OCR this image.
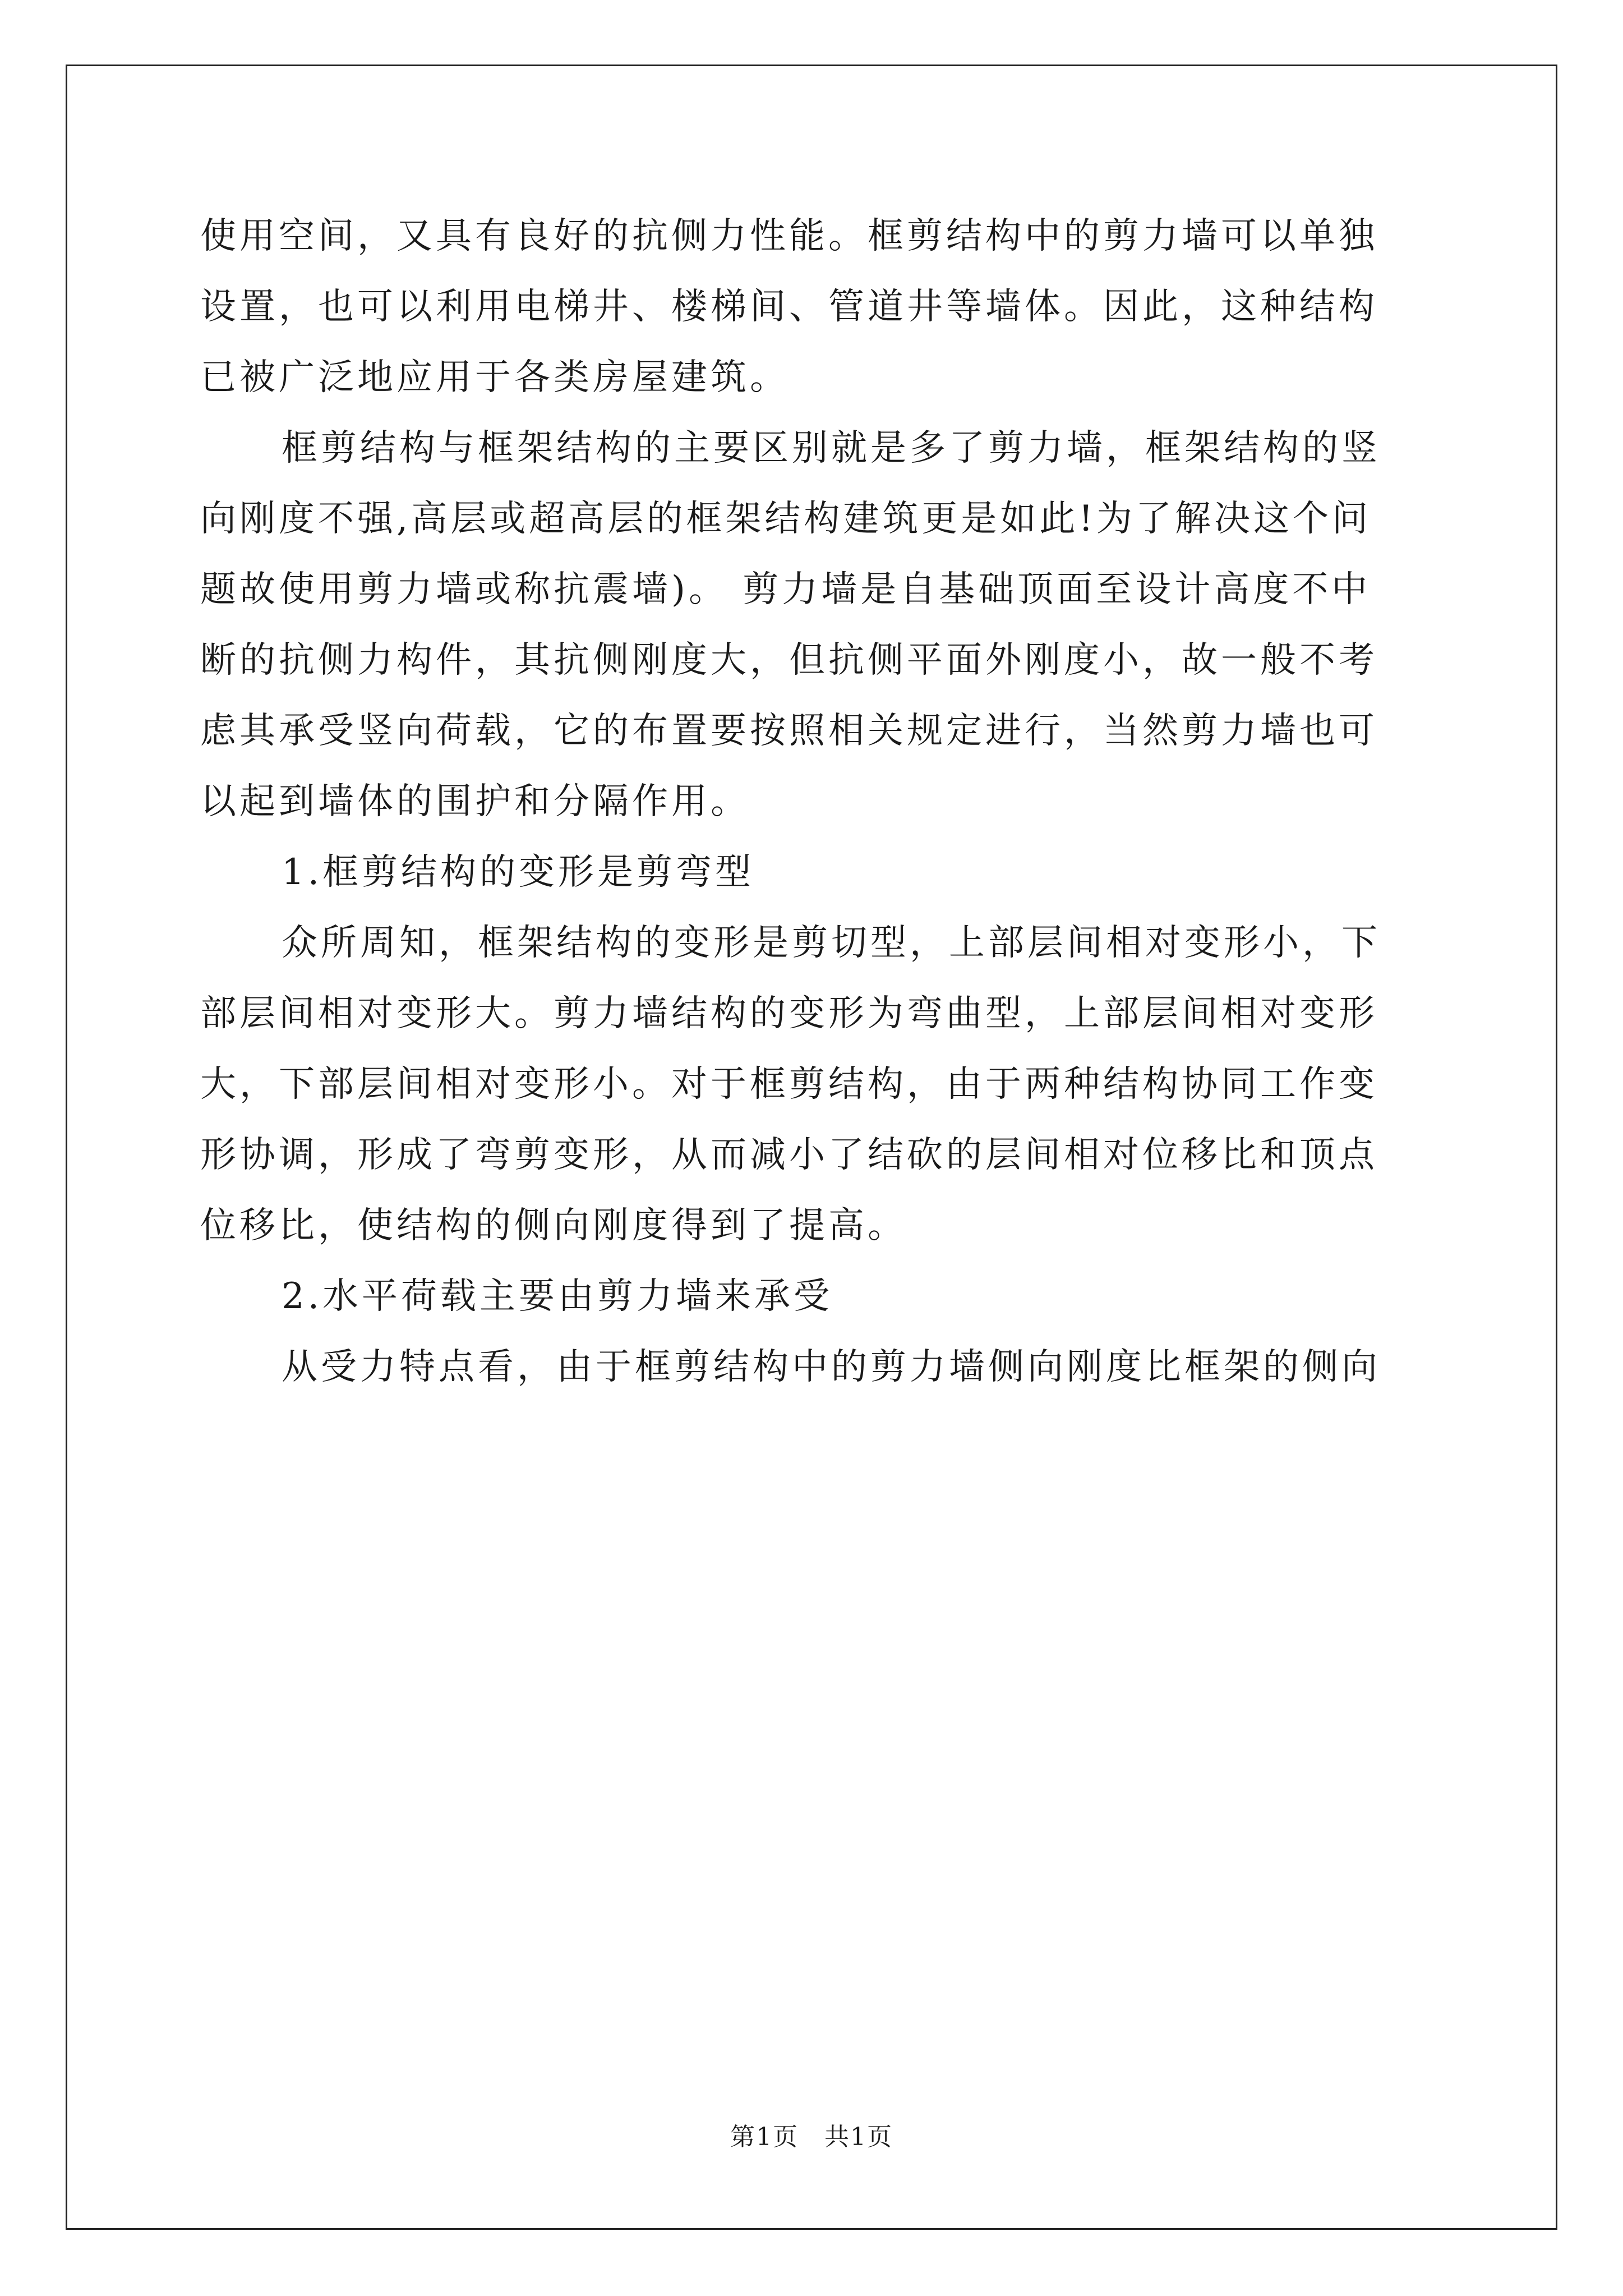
使用空间，又具有良好的抗侧力性能。框剪结构中的剪力墙可以单独
设置，也可以利用电梯井、楼梯间、管道井等墙体。因此，这种结构
已被广泛地应用于各类房屋建筑。
框剪结构与框架结构的主要区别就是多了剪力墙，框架结构的竖
向刚度不强,高层或超高层的框架结构建筑更是如此!为了解决这个问
题故使用剪力墙或称抗震墙)。 剪力墙是自基础顶面至设计高度不中
断的抗侧力构件，其抗侧刚度大，但抗侧平面外刚度小，故一般不考
虑其承受竖向荷载，它的布置要按照相关规定进行，当然剪力墙也可
以起到墙体的围护和分隔作用。
1.框剪结构的变形是剪弯型
众所周知，框架结构的变形是剪切型，上部层间相对变形小，下
部层间相对变形大。剪力墙结构的变形为弯曲型，上部层间相对变形
大，下部层间相对变形小。对于框剪结构，由于两种结构协同工作变
形协调，形成了弯剪变形，从而减小了结砍的层间相对位移比和顶点
位移比，使结构的侧向刚度得到了提高。
2.水平荷载主要由剪力墙来承受
从受力特点看，由于框剪结构中的剪力墙侧向刚度比框架的侧向
第1页　共1页
